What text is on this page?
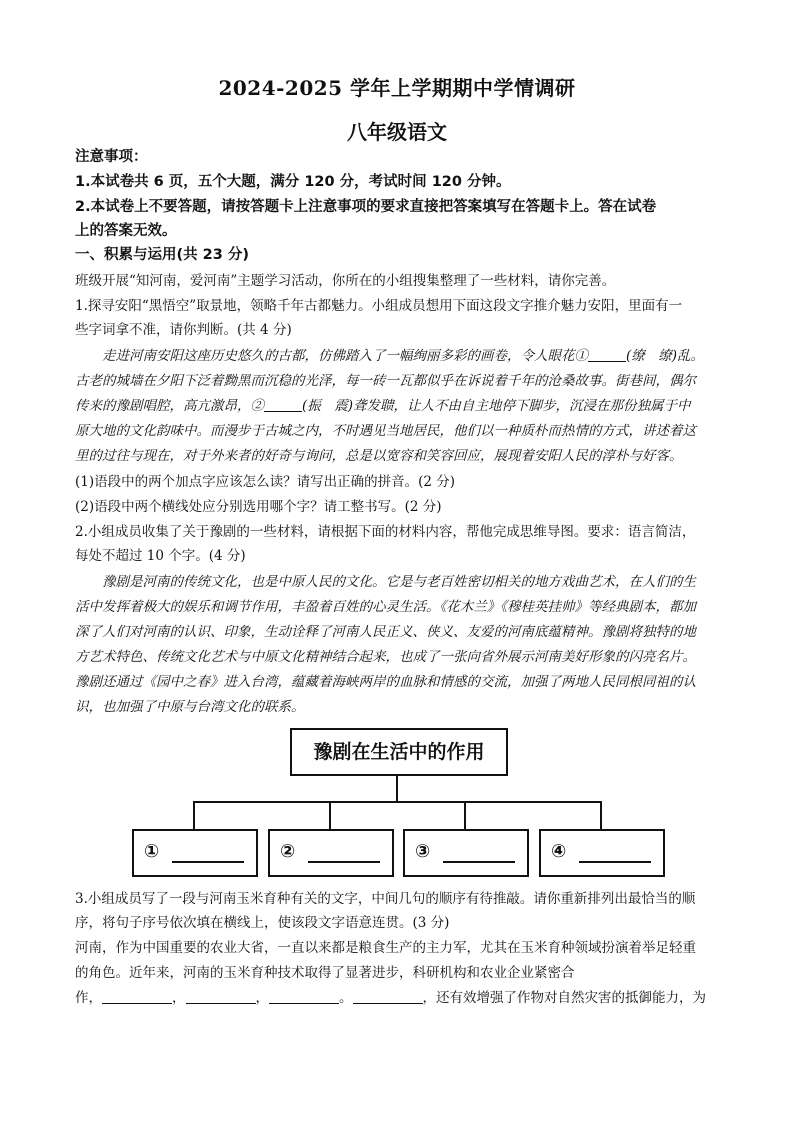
2024-2025 学年上学期期中学情调研
八年级语文
注意事项：
1.本试卷共 6 页，五个大题，满分 120 分，考试时间 120 分钟。
2.本试卷上不要答题，请按答题卡上注意事项的要求直接把答案填写在答题卡上。答在试卷
上的答案无效。
一、积累与运用(共 23 分)
班级开展“知河南，爱河南”主题学习活动，你所在的小组搜集整理了一些材料，请你完善。
1.探寻安阳“黑悟空”取景地，领略千年古都魅力。小组成员想用下面这段文字推介魅力安阳，里面有一
些字词拿不准，请你判断。(共 4 分)
走进河南安阳这座历史悠久的古都，仿佛踏入了一幅绚丽多彩的画卷，令人眼花①	(缭　缭)乱。
古老的城墙在夕阳下泛着黝黑而沉稳的光泽，每一砖一瓦都似乎在诉说着千年的沧桑故事。街巷间，偶尔
传来的豫剧唱腔，高亢激昂，②	(振　震)聋发聩，让人不由自主地停下脚步，沉浸在那份独属于中
原大地的文化韵味中。而漫步于古城之内，不时遇见当地居民，他们以一种质朴而热情的方式，讲述着这
里的过往与现在，对于外来者的好奇与询问，总是以宽容和笑容回应，展现着安阳人民的淳朴与好客。
(1)语段中的两个加点字应该怎么读？请写出正确的拼音。(2 分)
(2)语段中两个横线处应分别选用哪个字？请工整书写。(2 分)
2.小组成员收集了关于豫剧的一些材料，请根据下面的材料内容，帮他完成思维导图。要求：语言简洁，
每处不超过 10 个字。(4 分)
豫剧是河南的传统文化，也是中原人民的文化。它是与老百姓密切相关的地方戏曲艺术，在人们的生
活中发挥着极大的娱乐和调节作用，丰盈着百姓的心灵生活。《花木兰》《穆桂英挂帅》等经典剧本，都加
深了人们对河南的认识、印象，生动诠释了河南人民正义、侠义、友爱的河南底蕴精神。豫剧将独特的地
方艺术特色、传统文化艺术与中原文化精神结合起来，也成了一张向省外展示河南美好形象的闪亮名片。
豫剧还通过《园中之春》进入台湾，蕴藏着海峡两岸的血脉和情感的交流，加强了两地人民同根同祖的认
识，也加强了中原与台湾文化的联系。
豫剧在生活中的作用
①	②	③	④
3.小组成员写了一段与河南玉米育种有关的文字，中间几句的顺序有待推敲。请你重新排列出最恰当的顺
序，将句子序号依次填在横线上，使该段文字语意连贯。(3 分)
河南，作为中国重要的农业大省，一直以来都是粮食生产的主力军，尤其在玉米育种领域扮演着举足轻重
的角色。近年来，河南的玉米育种技术取得了显著进步，科研机构和农业企业紧密合
作，	，	，	。	，还有效增强了作物对自然灾害的抵御能力，为
